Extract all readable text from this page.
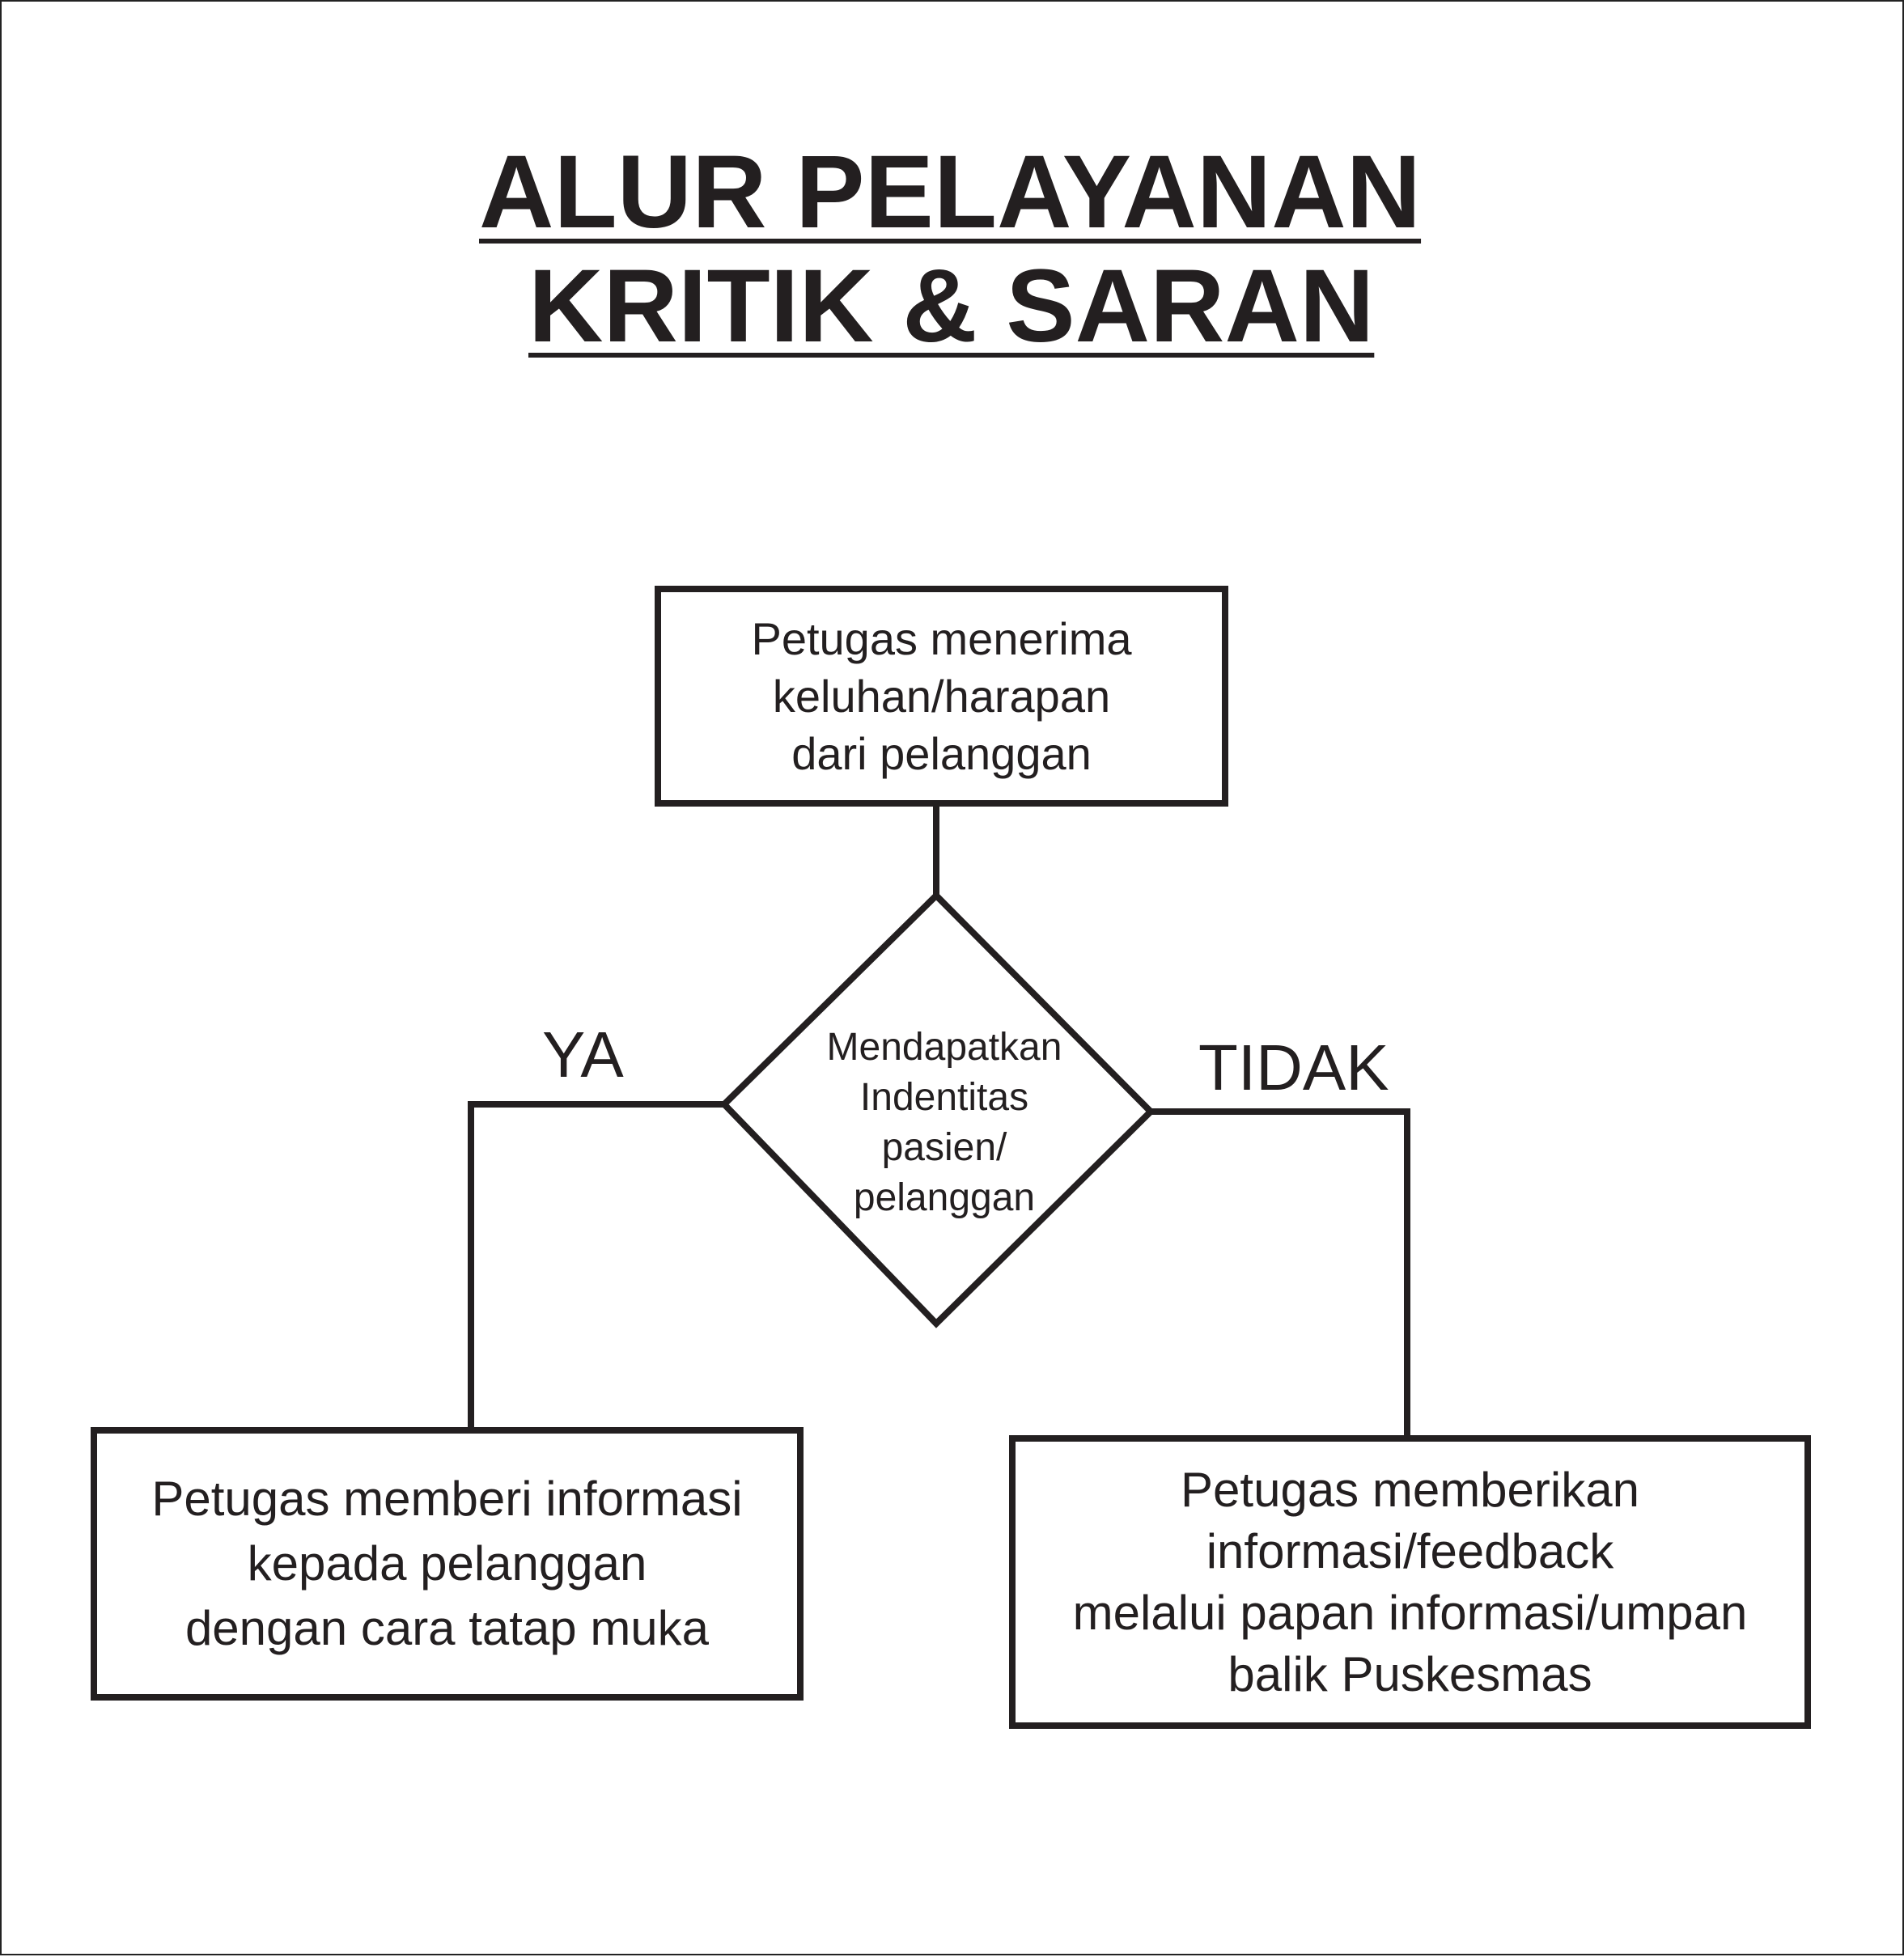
ALUR PELAYANAN
KRITIK & SARAN
Petugas menerima
keluhan/harapan
dari pelanggan
Mendapatkan
Indentitas
pasien/
pelanggan
YA	TIDAK
Petugas memberi informasi
kepada pelanggan
dengan cara tatap muka
Petugas memberikan
informasi/feedback
melalui papan informasi/umpan
balik Puskesmas
